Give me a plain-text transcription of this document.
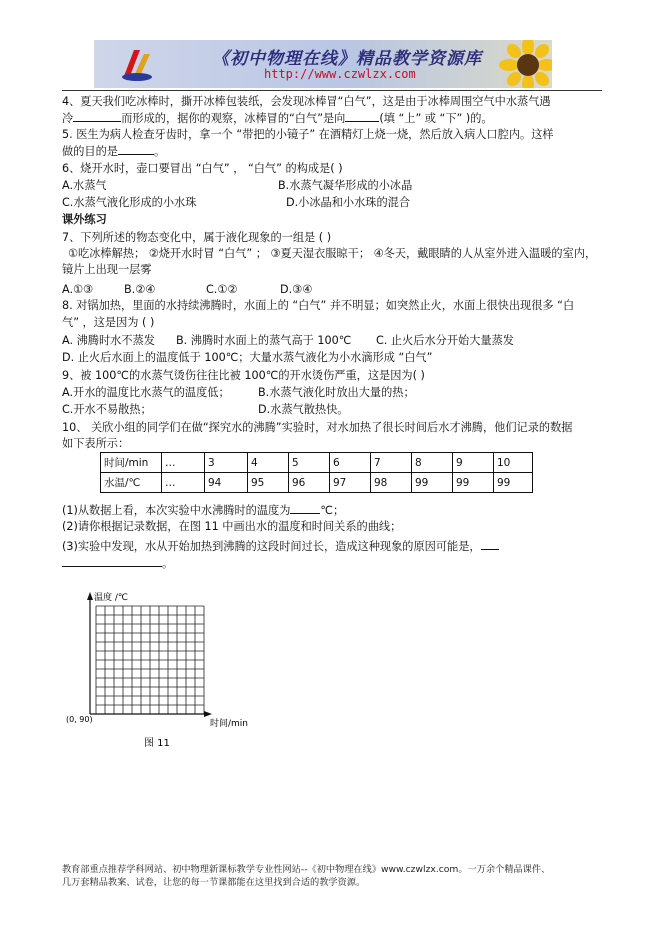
《初中物理在线》精品教学资源库
http://www.czwlzx.com
4、夏天我们吃冰棒时，撕开冰棒包装纸，会发现冰棒冒“白气”，这是由于冰棒周围空气中水蒸气遇
冷	而形成的，据你的观察，冰棒冒的“白气”是向	(填 “上” 或 “下” )的。
5. 医生为病人检查牙齿时，拿一个 “带把的小镜子” 在酒精灯上烧一烧，然后放入病人口腔内。这样
做的目的是	。
6、烧开水时，壶口要冒出 “白气” ， “白气” 的构成是( )
A.水蒸气	B.水蒸气凝华形成的小冰晶
C.水蒸气液化形成的小水珠	D.小冰晶和小水珠的混合
课外练习
7、下列所述的物态变化中，属于液化现象的一组是 ( )
①吃冰棒解热； ②烧开水时冒 “白气” ； ③夏天湿衣服晾干； ④冬天，戴眼睛的人从室外进入温暖的室内，
镜片上出现一层雾
A.①③	B.②④	C.①②	D.③④
8. 对锅加热，里面的水持续沸腾时，水面上的 “白气” 并不明显；如突然止火，水面上很快出现很多 “白
气” ，这是因为 ( )
A. 沸腾时水不蒸发 B. 沸腾时水面上的蒸气高于 100℃ C. 止火后水分开始大量蒸发
D. 止火后水面上的温度低于 100℃；大量水蒸气液化为小水滴形成 “白气”
9、被 100℃的水蒸气烫伤往往比被 100℃的开水烫伤严重，这是因为( )
A.开水的温度比水蒸气的温度低；	B.水蒸气液化时放出大量的热；
C.开水不易散热；	D.水蒸气散热快。
10、 关欣小组的同学们在做“探究水的沸腾”实验时，对水加热了很长时间后水才沸腾，他们记录的数据
如下表所示：
时间/min	…	3	4	5	6	7	8	9	10
水温/℃	…	94	95	96	97	98	99	99	99
(1)从数据上看，本次实验中水沸腾时的温度为	℃；
(2)请你根据记录数据，在图 11 中画出水的温度和时间关系的曲线；
(3)实验中发现，水从开始加热到沸腾的这段时间过长，造成这种现象的原因可能是，
。
温度 /℃
(0, 90)	时间/min
图 11
教育部重点推荐学科网站、初中物理新课标教学专业性网站--《初中物理在线》www.czwlzx.com。一万余个精品课件、
几万套精品教案、试卷，让您的每一节课都能在这里找到合适的教学资源。
